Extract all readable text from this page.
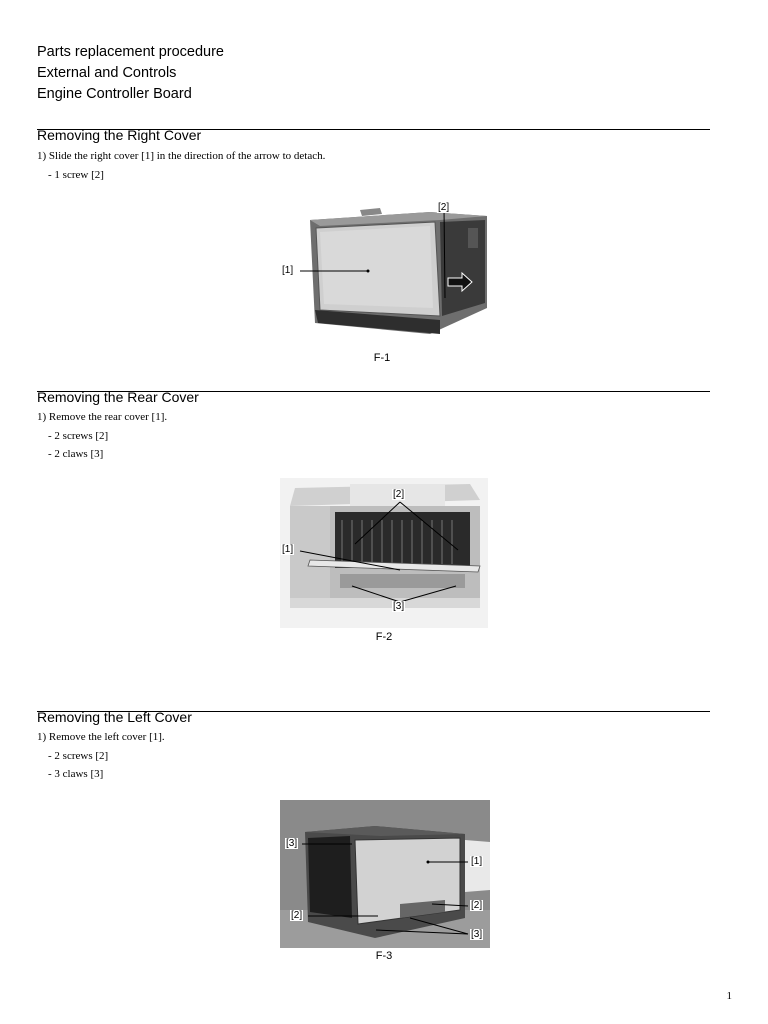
Parts replacement procedure
External and Controls
Engine Controller Board
Removing the Right Cover
1) Slide the right cover [1] in the direction of the arrow to detach.
- 1 screw [2]
[2]
[1]
F-1
Removing the Rear Cover
1) Remove the rear cover [1].
- 2 screws [2]
- 2 claws [3]
[2]
[1]
[3]
F-2
Removing the Left Cover
1) Remove the left cover [1].
- 2 screws [2]
- 3 claws [3]
[3]
[1]
[2]
[2]
[3]
F-3
1
